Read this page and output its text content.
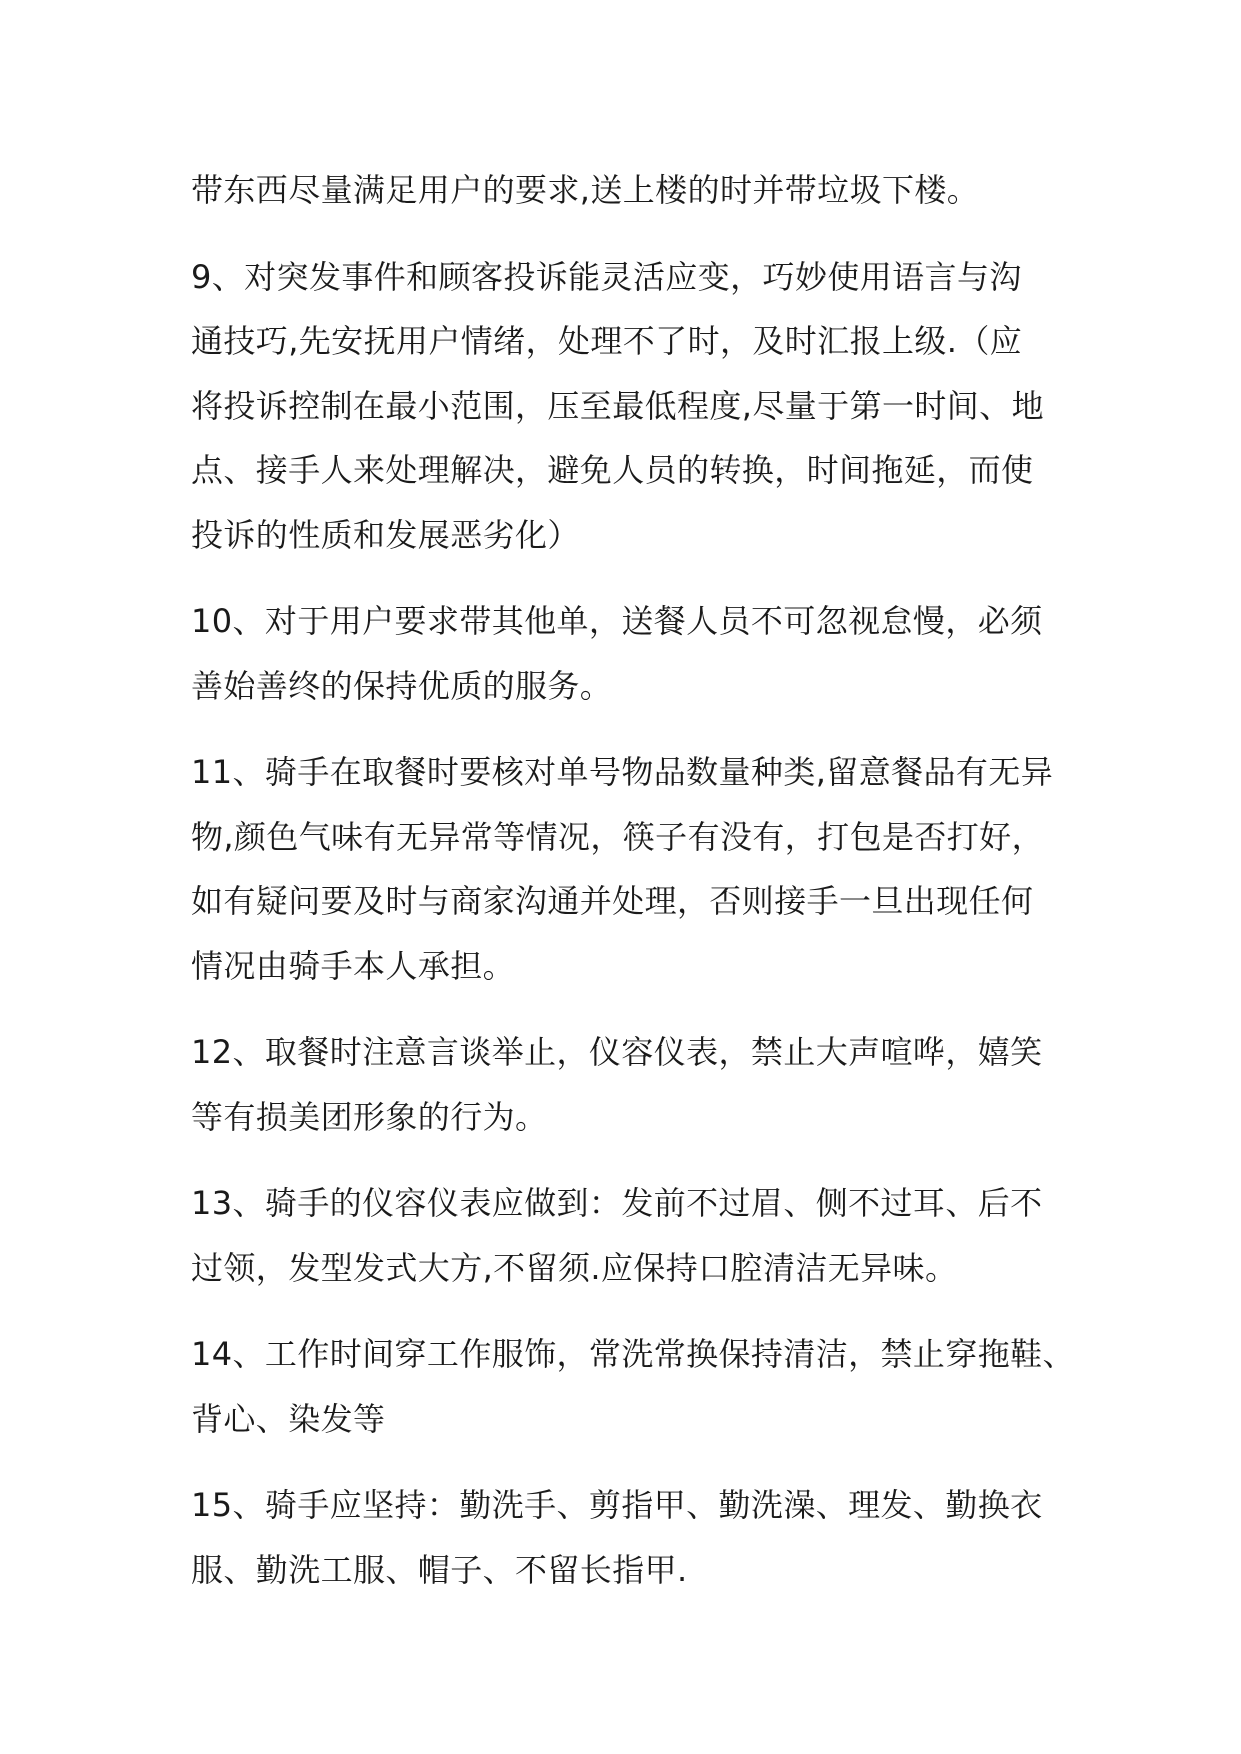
带东西尽量满足用户的要求,送上楼的时并带垃圾下楼。
9、对突发事件和顾客投诉能灵活应变，巧妙使用语言与沟
通技巧,先安抚用户情绪，处理不了时，及时汇报上级.（应
将投诉控制在最小范围，压至最低程度,尽量于第一时间、地
点、接手人来处理解决，避免人员的转换，时间拖延，而使
投诉的性质和发展恶劣化）
10、对于用户要求带其他单，送餐人员不可忽视怠慢，必须
善始善终的保持优质的服务。
11、骑手在取餐时要核对单号物品数量种类,留意餐品有无异
物,颜色气味有无异常等情况，筷子有没有，打包是否打好，
如有疑问要及时与商家沟通并处理，否则接手一旦出现任何
情况由骑手本人承担。
12、取餐时注意言谈举止，仪容仪表，禁止大声喧哗，嬉笑
等有损美团形象的行为。
13、骑手的仪容仪表应做到：发前不过眉、侧不过耳、后不
过领，发型发式大方,不留须.应保持口腔清洁无异味。
14、工作时间穿工作服饰，常洗常换保持清洁，禁止穿拖鞋、
背心、染发等
15、骑手应坚持：勤洗手、剪指甲、勤洗澡、理发、勤换衣
服、勤洗工服、帽子、不留长指甲.
